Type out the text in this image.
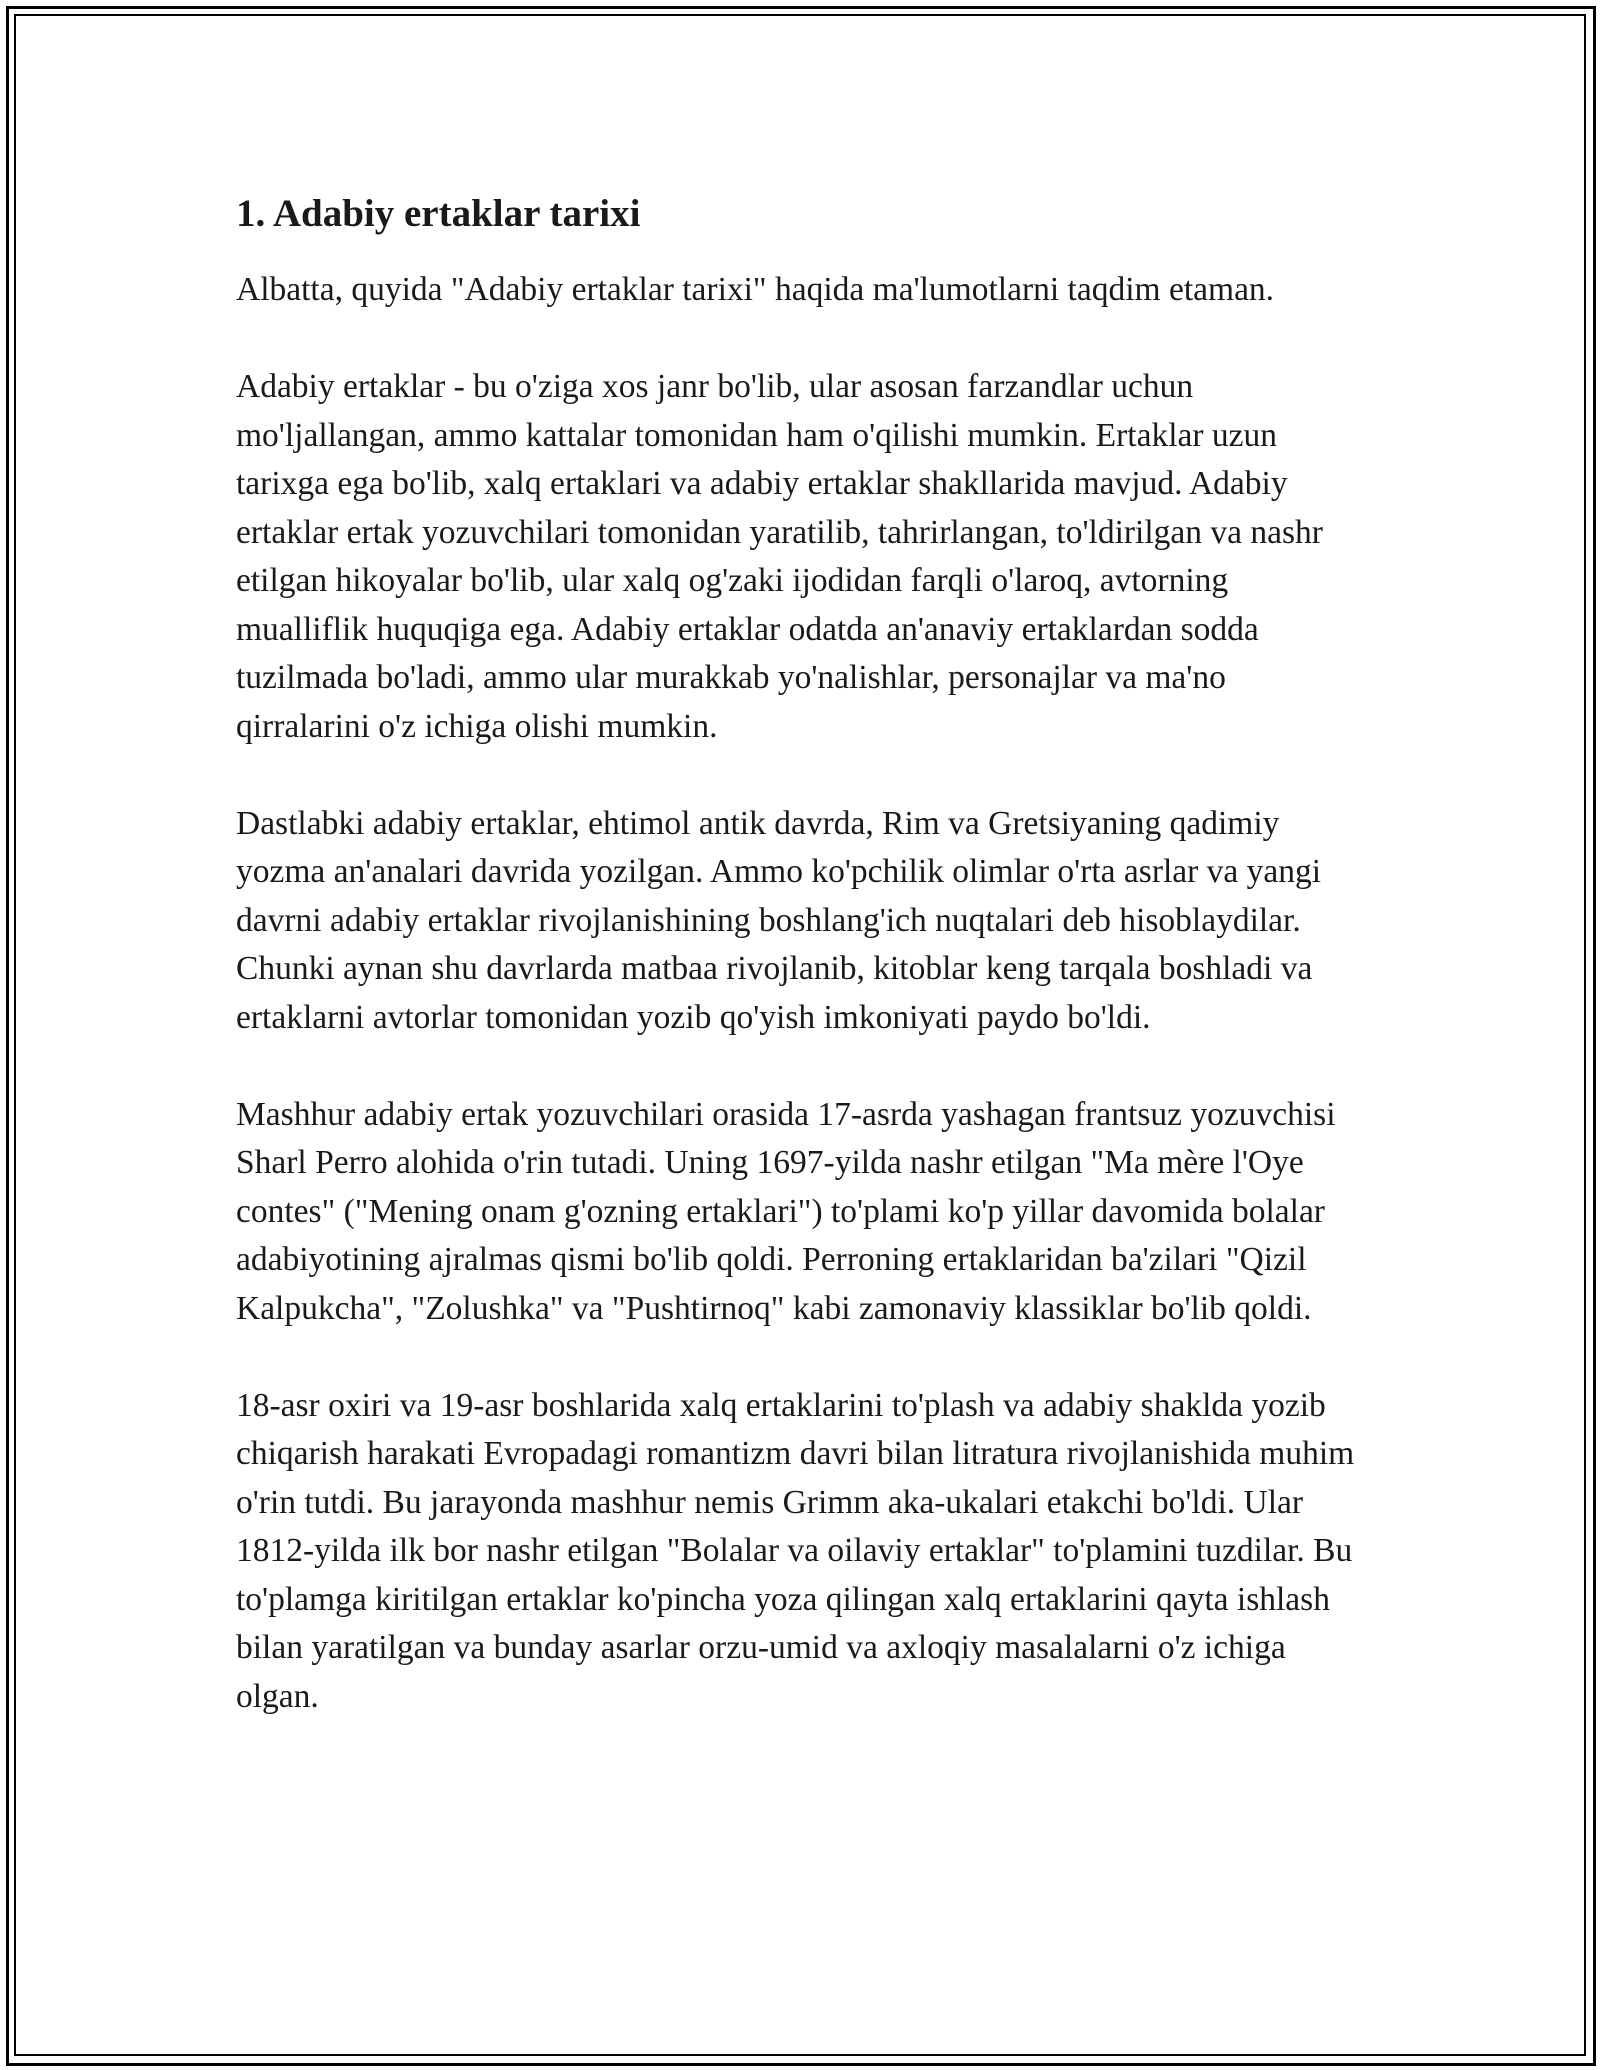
1. Adabiy ertaklar tarixi

Albatta, quyida "Adabiy ertaklar tarixi" haqida ma'lumotlarni taqdim etaman.

Adabiy ertaklar - bu o'ziga xos janr bo'lib, ular asosan farzandlar uchun mo'ljallangan, ammo kattalar tomonidan ham o'qilishi mumkin. Ertaklar uzun tarixga ega bo'lib, xalq ertaklari va adabiy ertaklar shakllarida mavjud. Adabiy ertaklar ertak yozuvchilari tomonidan yaratilib, tahrirlangan, to'ldirilgan va nashr etilgan hikoyalar bo'lib, ular xalq og'zaki ijodidan farqli o'laroq, avtorning mualliflik huquqiga ega. Adabiy ertaklar odatda an'anaviy ertaklardan sodda tuzilmada bo'ladi, ammo ular murakkab yo'nalishlar, personajlar va ma'no qirralarini o'z ichiga olishi mumkin.

Dastlabki adabiy ertaklar, ehtimol antik davrda, Rim va Gretsiyaning qadimiy yozma an'analari davrida yozilgan. Ammo ko'pchilik olimlar o'rta asrlar va yangi davrni adabiy ertaklar rivojlanishining boshlang'ich nuqtalari deb hisoblaydilar. Chunki aynan shu davrlarda matbaa rivojlanib, kitoblar keng tarqala boshladi va ertaklarni avtorlar tomonidan yozib qo'yish imkoniyati paydo bo'ldi.

Mashhur adabiy ertak yozuvchilari orasida 17-asrda yashagan frantsuz yozuvchisi Sharl Perro alohida o'rin tutadi. Uning 1697-yilda nashr etilgan "Ma mère l'Oye contes" ("Mening onam g'ozning ertaklari") to'plami ko'p yillar davomida bolalar adabiyotining ajralmas qismi bo'lib qoldi. Perroning ertaklaridan ba'zilari "Qizil Kalpukcha", "Zolushka" va "Pushtirnoq" kabi zamonaviy klassiklar bo'lib qoldi.

18-asr oxiri va 19-asr boshlarida xalq ertaklarini to'plash va adabiy shaklda yozib chiqarish harakati Evropadagi romantizm davri bilan litratura rivojlanishida muhim o'rin tutdi. Bu jarayonda mashhur nemis Grimm aka-ukalari etakchi bo'ldi. Ular 1812-yilda ilk bor nashr etilgan "Bolalar va oilaviy ertaklar" to'plamini tuzdilar. Bu to'plamga kiritilgan ertaklar ko'pincha yoza qilingan xalq ertaklarini qayta ishlash bilan yaratilgan va bunday asarlar orzu-umid va axloqiy masalalarni o'z ichiga olgan.
